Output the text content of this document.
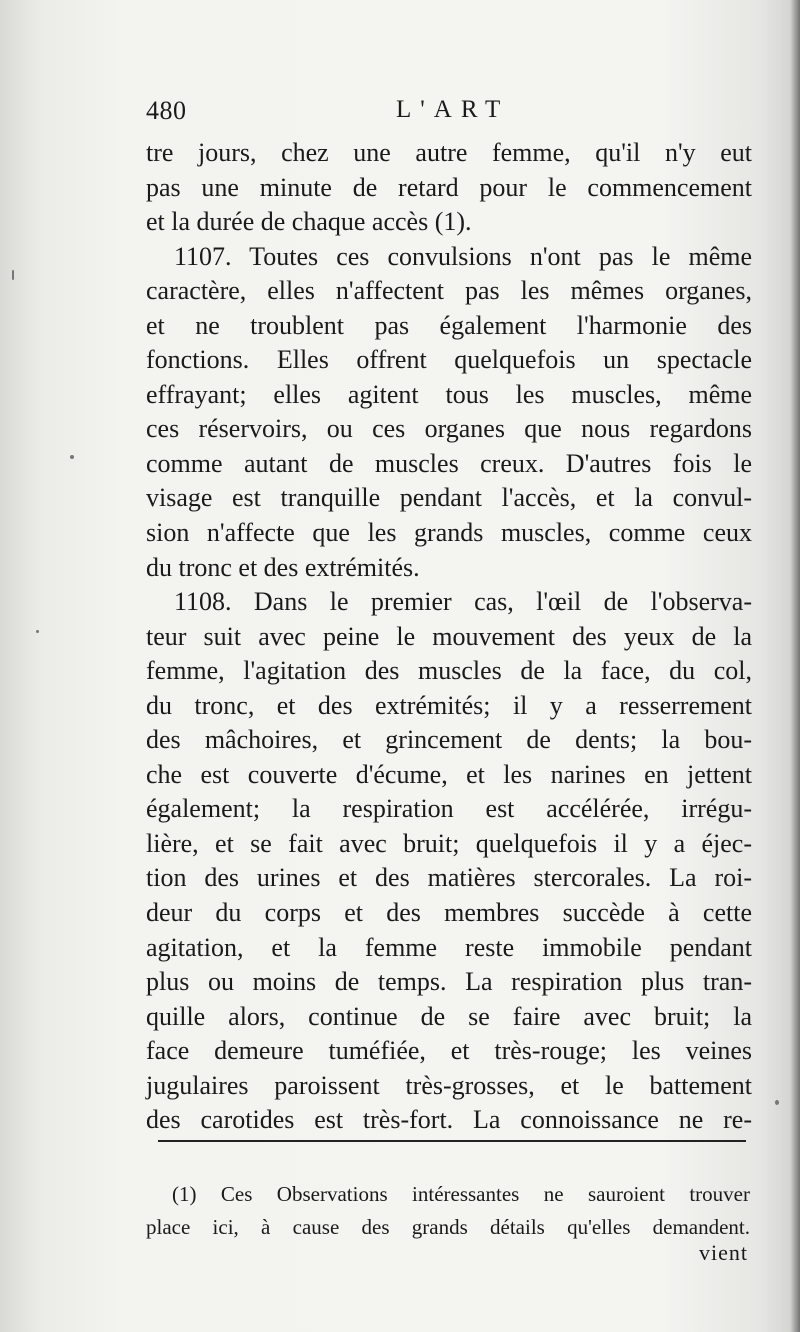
480	L'ART
tre jours, chez une autre femme, qu'il n'y eut
pas une minute de retard pour le commencement
et la durée de chaque accès (1).
1107. Toutes ces convulsions n'ont pas le même
caractère, elles n'affectent pas les mêmes organes,
et ne troublent pas également l'harmonie des
fonctions. Elles offrent quelquefois un spectacle
effrayant; elles agitent tous les muscles, même
ces réservoirs, ou ces organes que nous regardons
comme autant de muscles creux. D'autres fois le
visage est tranquille pendant l'accès, et la convul-
sion n'affecte que les grands muscles, comme ceux
du tronc et des extrémités.
1108. Dans le premier cas, l'œil de l'observa-
teur suit avec peine le mouvement des yeux de la
femme, l'agitation des muscles de la face, du col,
du tronc, et des extrémités; il y a resserrement
des mâchoires, et grincement de dents; la bou-
che est couverte d'écume, et les narines en jettent
également; la respiration est accélérée, irrégu-
lière, et se fait avec bruit; quelquefois il y a éjec-
tion des urines et des matières stercorales. La roi-
deur du corps et des membres succède à cette
agitation, et la femme reste immobile pendant
plus ou moins de temps. La respiration plus tran-
quille alors, continue de se faire avec bruit; la
face demeure tuméfiée, et très-rouge; les veines
jugulaires paroissent très-grosses, et le battement
des carotides est très-fort. La connoissance ne re-
(1) Ces Observations intéressantes ne sauroient trouver
place ici, à cause des grands détails qu'elles demandent.
vient
